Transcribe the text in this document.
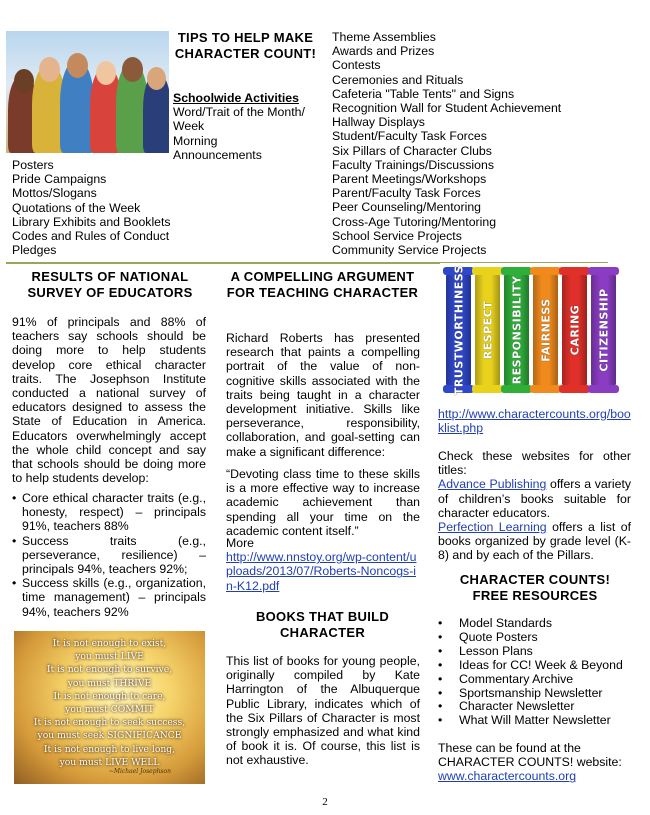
TIPS TO HELP MAKE CHARACTER COUNT!
Schoolwide Activities
Word/Trait of the Month/
Week
Morning
Announcements
Posters
Pride Campaigns
Mottos/Slogans
Quotations of the Week
Library Exhibits and Booklets
Codes and Rules of Conduct
Pledges
Theme Assemblies
Awards and Prizes
Contests
Ceremonies and Rituals
Cafeteria "Table Tents" and Signs
Recognition Wall for Student Achievement
Hallway Displays
Student/Faculty Task Forces
Six Pillars of Character Clubs
Faculty Trainings/Discussions
Parent Meetings/Workshops
Parent/Faculty Task Forces
Peer Counseling/Mentoring
Cross-Age Tutoring/Mentoring
School Service Projects
Community Service Projects
RESULTS OF NATIONAL SURVEY OF EDUCATORS
91% of principals and 88% of teachers say schools should be doing more to help students develop core ethical character traits. The Josephson Institute conducted a national survey of educators designed to assess the State of Education in America. Educators overwhelmingly accept the whole child concept and say that schools should be doing more to help students develop:
• Core ethical character traits (e.g., honesty, respect) – principals 91%, teachers 88%
• Success traits (e.g., perseverance, resilience) – principals 94%, teachers 92%;
• Success skills (e.g., organization, time management) – principals 94%, teachers 92%
It is not enough to exist,
you must LIVE
It is not enough to survive,
you must THRIVE
It is not enough to care,
you must COMMIT
It is not enough to seek success,
you must seek SIGNIFICANCE
It is not enough to live long,
you must LIVE WELL
~Michael Josephson
A COMPELLING ARGUMENT FOR TEACHING CHARACTER
Richard Roberts has presented research that paints a compelling portrait of the value of non-cognitive skills associated with the traits being taught in a character development initiative. Skills like perseverance, responsibility, collaboration, and goal-setting can make a significant difference:
“Devoting class time to these skills is a more effective way to increase academic achievement than spending all your time on the academic content itself.”
More
http://www.nnstoy.org/wp-content/uploads/2013/07/Roberts-Noncogs-in-K12.pdf
BOOKS THAT BUILD CHARACTER
This list of books for young people, originally compiled by Kate Harrington of the Albuquerque Public Library, indicates which of the Six Pillars of Character is most strongly emphasized and what kind of book it is. Of course, this list is not exhaustive.
TRUSTWORTHINESS RESPECT RESPONSIBILITY FAIRNESS CARING CITIZENSHIP
http://www.charactercounts.org/booklist.php
Check these websites for other titles:
Advance Publishing offers a variety of children’s books suitable for character educators.
Perfection Learning offers a list of books organized by grade level (K-8) and by each of the Pillars.
CHARACTER COUNTS! FREE RESOURCES
• Model Standards
• Quote Posters
• Lesson Plans
• Ideas for CC! Week & Beyond
• Commentary Archive
• Sportsmanship Newsletter
• Character Newsletter
• What Will Matter Newsletter
These can be found at the CHARACTER COUNTS! website:
www.charactercounts.org
2
